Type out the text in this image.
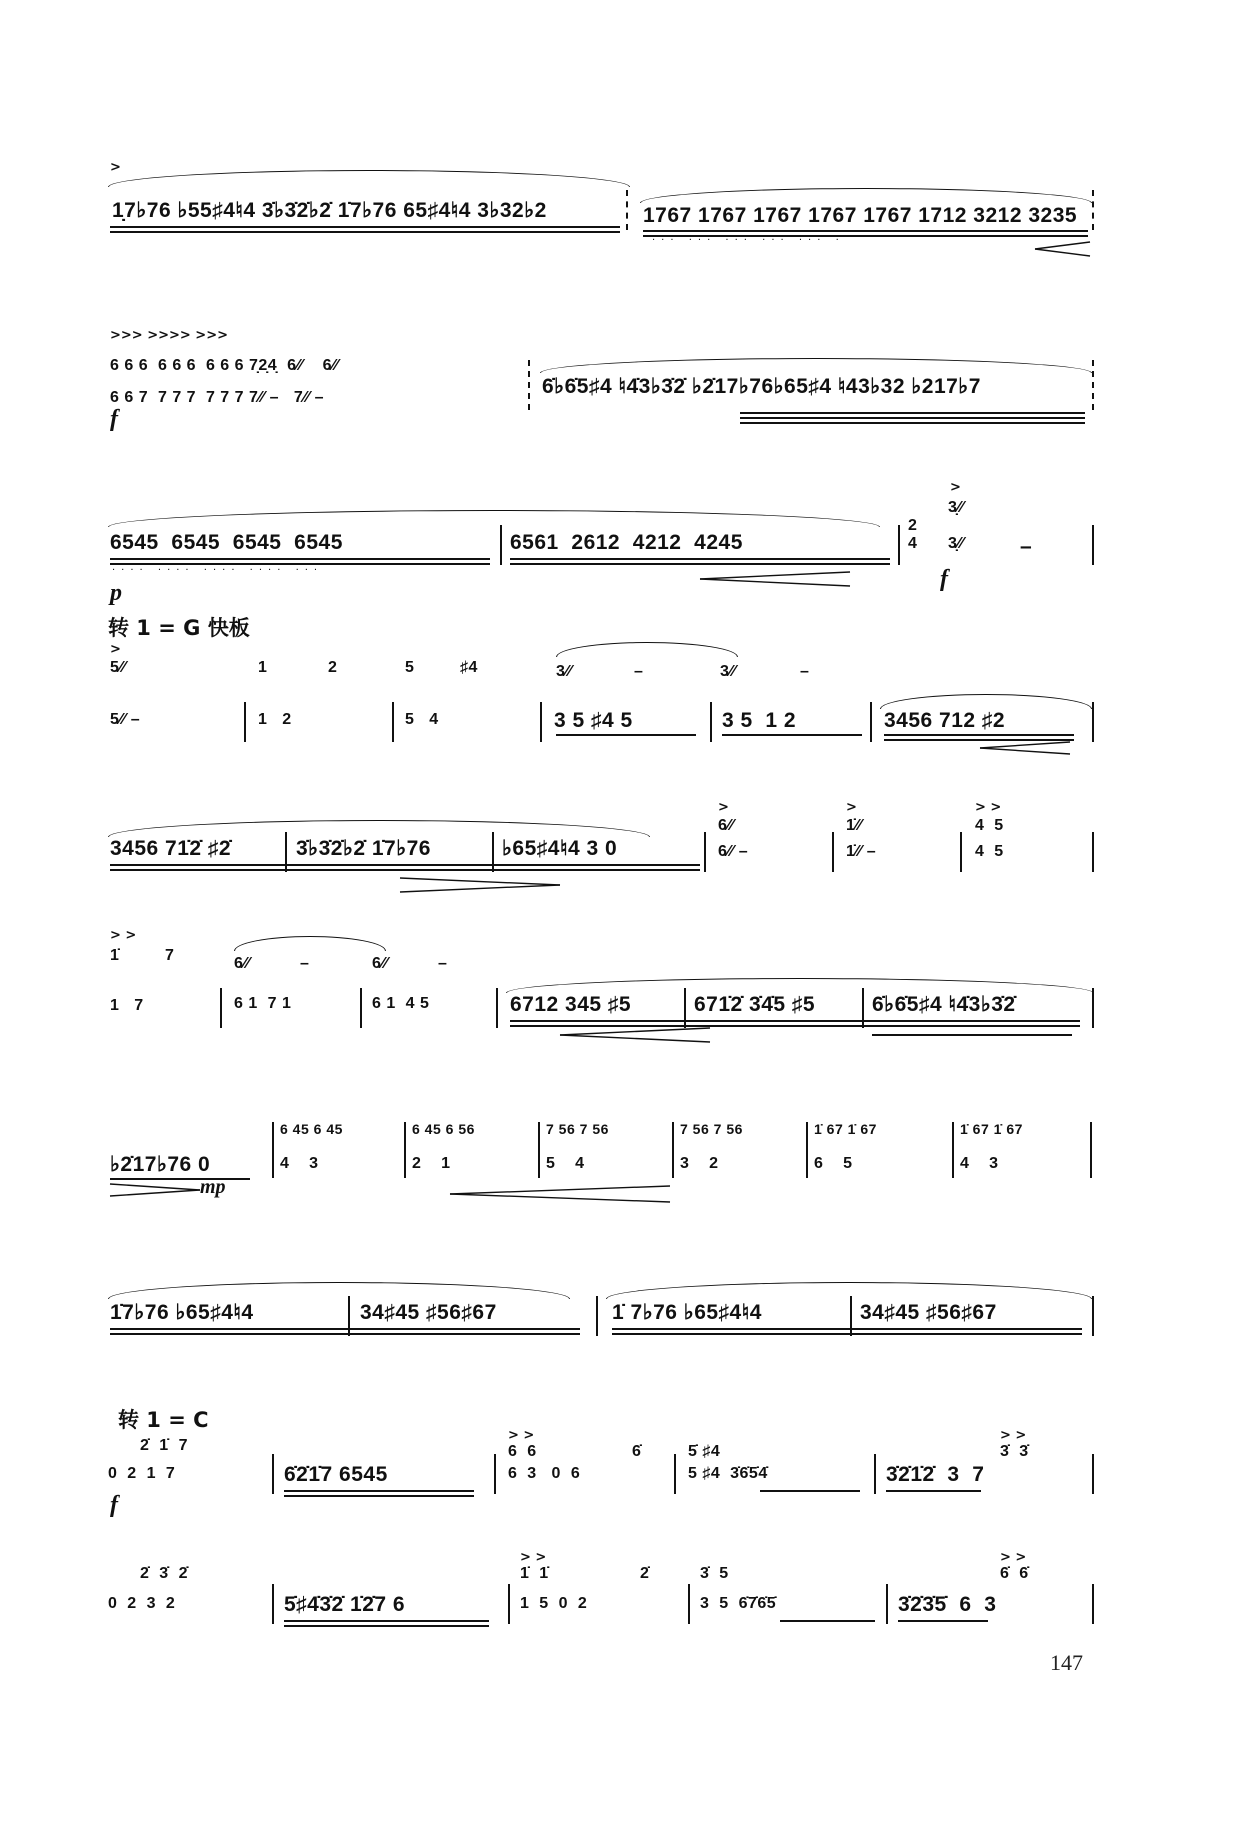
>
1̣7♭76 ♭55♯4♮4 3̇♭3̇2̇♭2̇ 1̇7♭76 65♯4♮4 3♭32♭2	1767 1767 1767 1767 1767 1712 3212 3235
··· ··· ··· ··· ··· ·
>>> >>>> >>>
6 6 6  6 6 6  6 6 6 7̣2̣4̣  6⁄⁄    6⁄⁄
6 6 7  7 7 7  7 7 7 7⁄⁄ –   7⁄⁄ –
f
6̇♭6̇5♯4 ♮4̇3♭3̇2̇ ♭2̇17♭76♭65♯4 ♮43♭32 ♭217♭7
6545  6545  6545  6545	6561  2612  4212  4245
···· ···· ···· ···· ···
p
2
4
>
3̣⁄⁄
3̣⁄⁄	–
f
转 1 = G 快板
>
5⁄⁄	1	2	5	♯4	3⁄⁄	–	3⁄⁄	–
5⁄⁄ –	1   2	5   4	3 5 ♯4 5	3 5  1 2	3456 712 ♯2
3456 71̇2̇ ♯2̇	3̇♭3̇2̇♭2̇ 1̇7♭76	♭65♯4♮4 3 0
>
6⁄⁄
6⁄⁄ –
>
1̇⁄⁄
1̇⁄⁄ –
> >
4  5
4  5
> >
1̇	7	6⁄⁄	–	6⁄⁄	–
1   7	6 1  7 1	6 1  4 5	6712 345 ♯5	671̇2̇ 3̇4̇5 ♯5	6̇♭6̇5♯4 ♮4̇3♭3̇2̇
♭2̇17♭76 0
mp
6 45 6 45
4    3
6 45 6 56
2    1
7 56 7 56
5    4
7 56 7 56
3    2
1̇ 67 1̇ 67
6    5
1̇ 67 1̇ 67
4    3
1̇7♭76 ♭65♯4♮4	34♯45 ♯56♯67	1̇ 7♭76 ♭65♯4♮4	34♯45 ♯56♯67
转 1 = C
2̇  1̇  7
0  2  1  7
f
6̇2̇1̇7 6545
> >
6  6
6  3   0  6
6̇	5̇ ♯4
5 ♯4  3̇6̇5̇4̇
> >
3̇  3̇
3̇2̇1̇2̇  3  7
2̇  3̇  2̇
0  2  3  2	5̇♯4̇3̇2̇ 1̇2̇7 6
> >
1̇  1̇
1  5  0  2
2̇	3̇  5
3  5  6̇7̇6̇5̇
> >
6̇  6̇
3̇2̇3̇5̇  6  3
147
